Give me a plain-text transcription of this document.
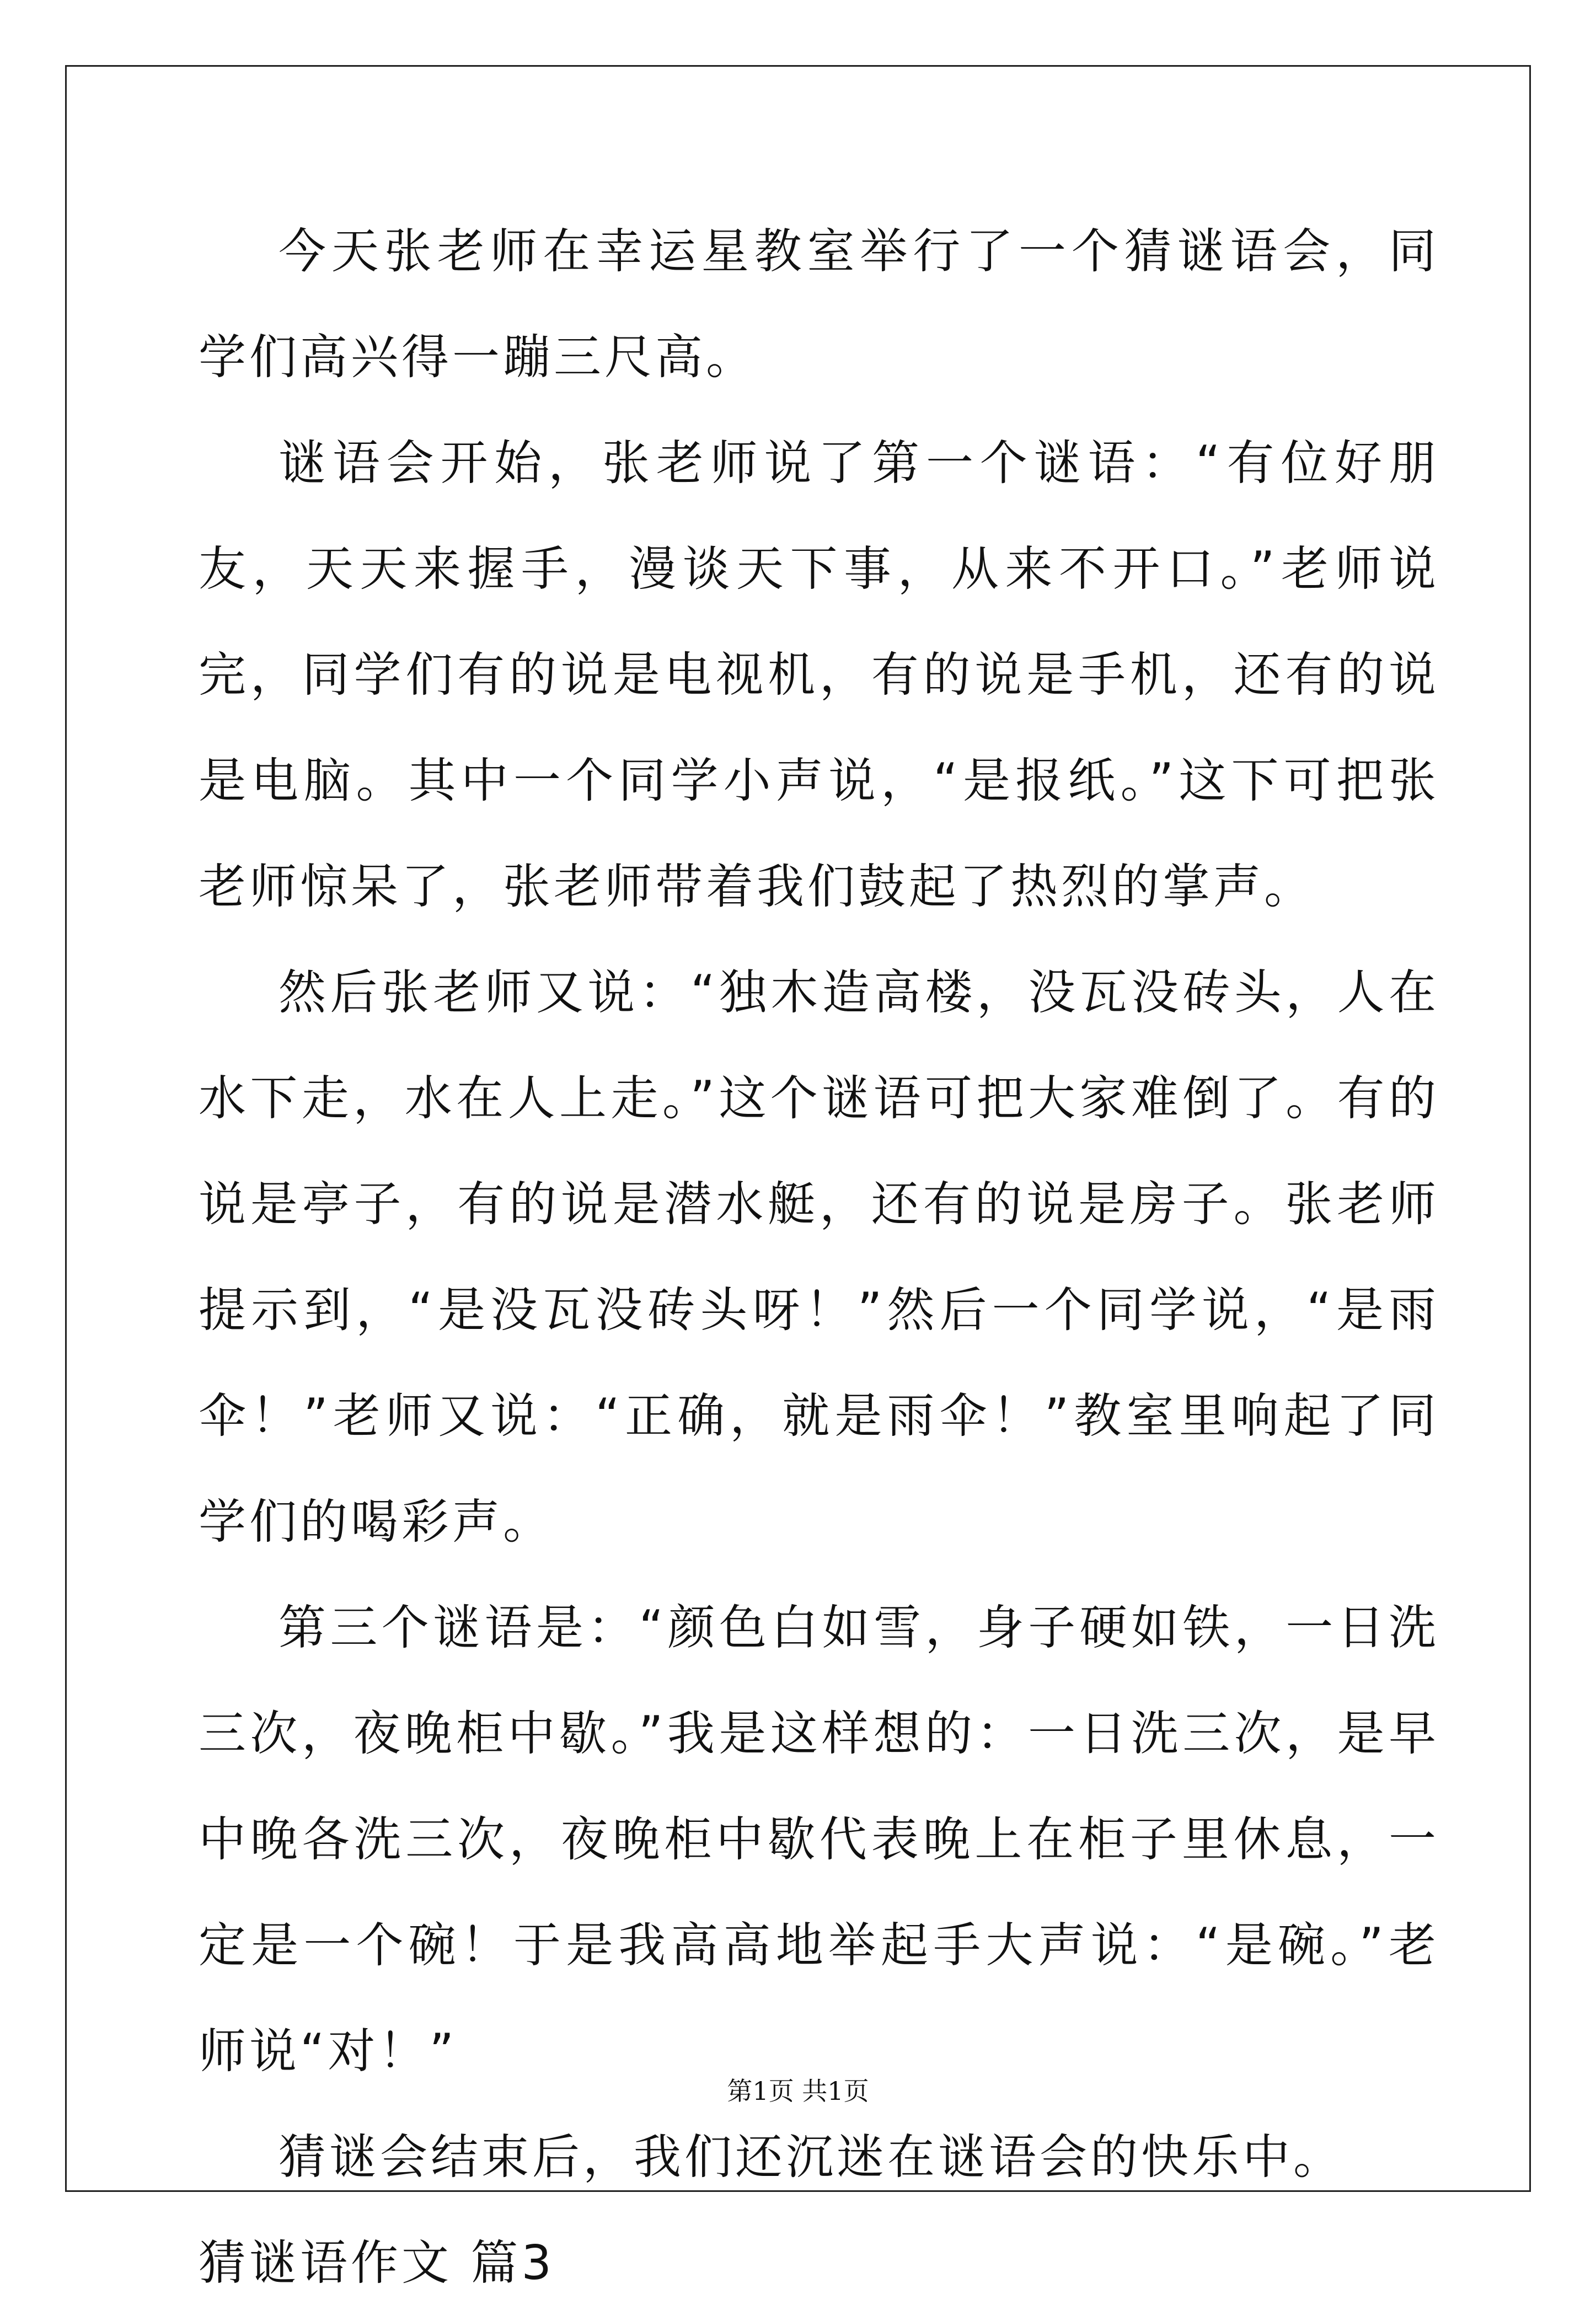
今天张老师在幸运星教室举行了一个猜谜语会，同学们高兴得一蹦三尺高。

谜语会开始，张老师说了第一个谜语：“有位好朋友，天天来握手，漫谈天下事，从来不开口。”老师说完，同学们有的说是电视机，有的说是手机，还有的说是电脑。其中一个同学小声说，“是报纸。”这下可把张老师惊呆了，张老师带着我们鼓起了热烈的掌声。

然后张老师又说：“独木造高楼，没瓦没砖头，人在水下走，水在人上走。”这个谜语可把大家难倒了。有的说是亭子，有的说是潜水艇，还有的说是房子。张老师提示到，“是没瓦没砖头呀！”然后一个同学说，“是雨伞！”老师又说：“正确，就是雨伞！”教室里响起了同学们的喝彩声。

第三个谜语是：“颜色白如雪，身子硬如铁，一日洗三次，夜晚柜中歇。”我是这样想的：一日洗三次，是早中晚各洗三次，夜晚柜中歇代表晚上在柜子里休息，一定是一个碗！于是我高高地举起手大声说：“是碗。”老师说“对！”

猜谜会结束后，我们还沉迷在谜语会的快乐中。

猜谜语作文 篇3

第1页 共1页
